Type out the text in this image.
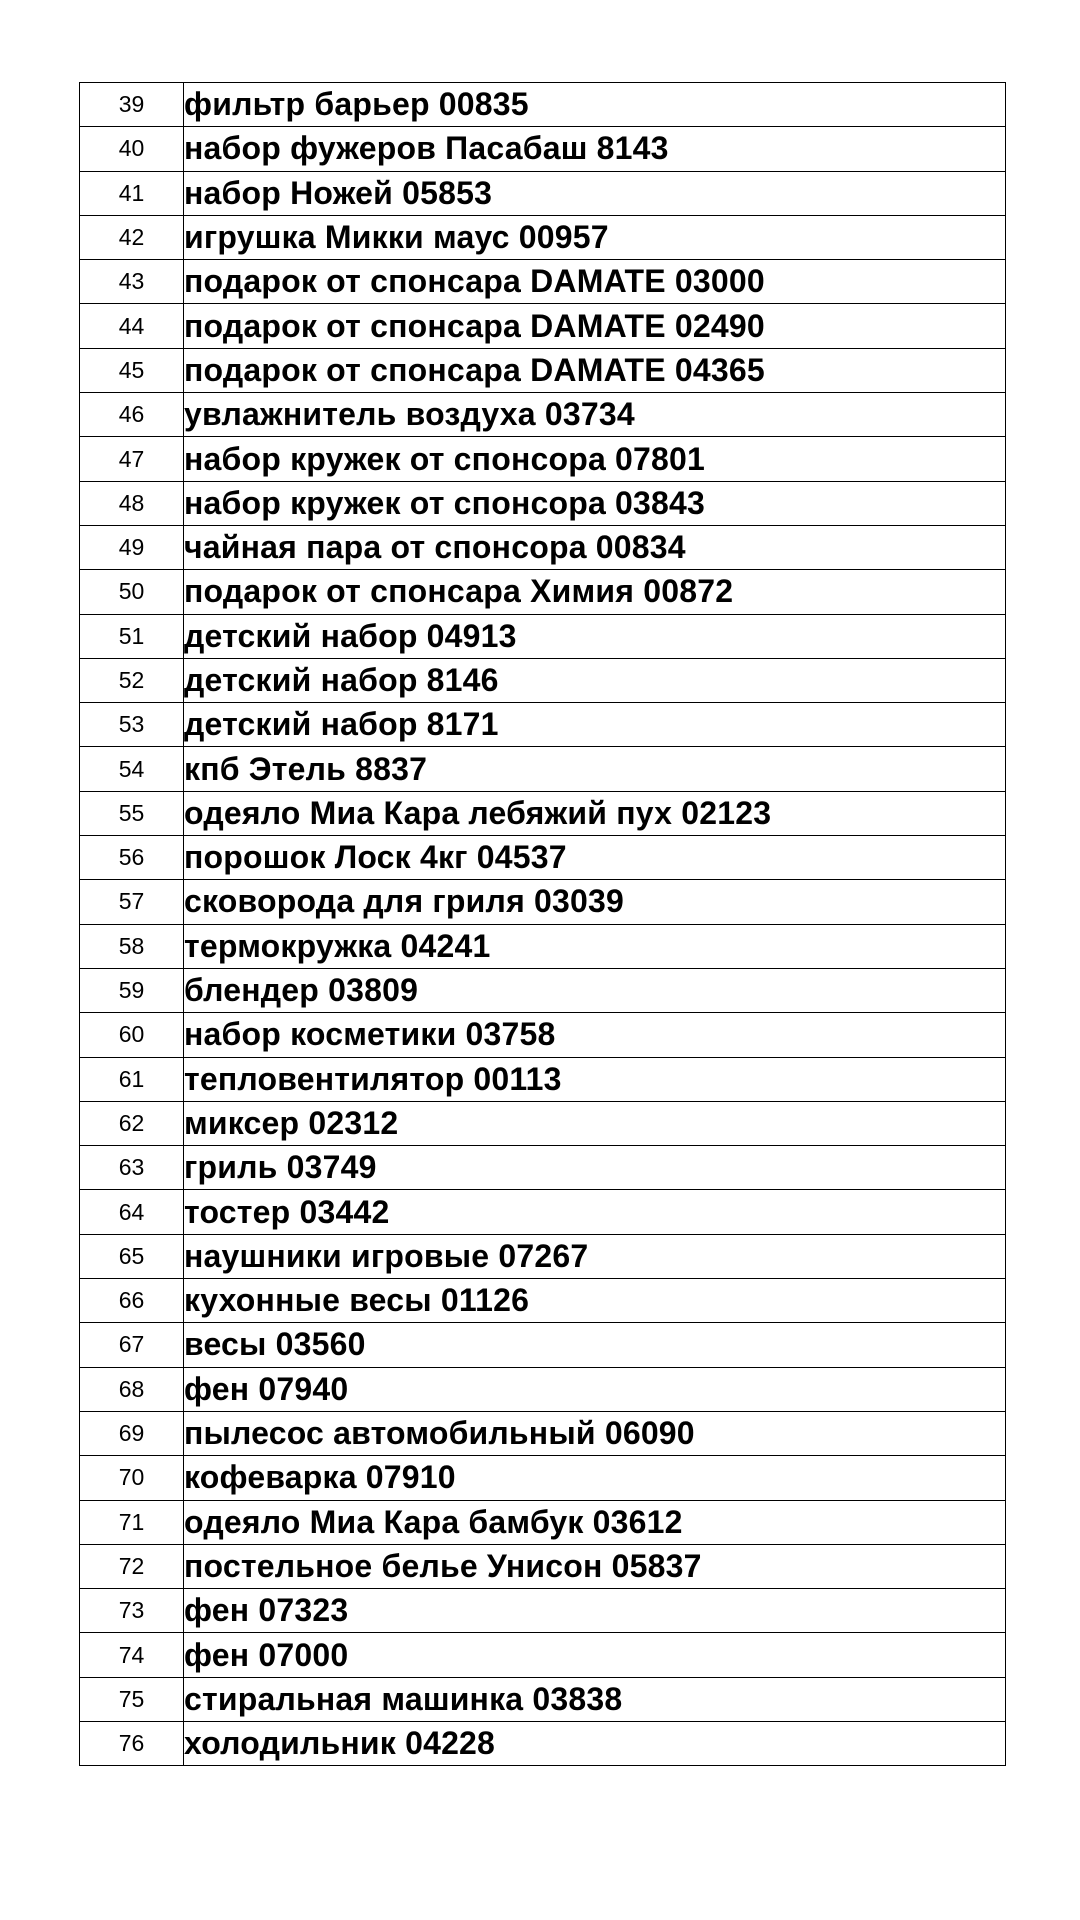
39	фильтр барьер 00835
40	набор фужеров Пасабаш 8143
41	набор Ножей 05853
42	игрушка Микки маус 00957
43	подарок от спонсара DAMATE 03000
44	подарок от спонсара DAMATE 02490
45	подарок от спонсара DAMATE 04365
46	увлажнитель воздуха 03734
47	набор кружек от спонсора 07801
48	набор кружек от спонсора 03843
49	чайная пара от спонсора 00834
50	подарок от спонсара Химия 00872
51	детский набор 04913
52	детский набор 8146
53	детский набор 8171
54	кпб Этель 8837
55	одеяло Миа Кара лебяжий пух 02123
56	порошок Лоск 4кг 04537
57	сковорода для гриля 03039
58	термокружка 04241
59	блендер 03809
60	набор косметики 03758
61	тепловентилятор 00113
62	миксер 02312
63	гриль 03749
64	тостер 03442
65	наушники игровые 07267
66	кухонные весы 01126
67	весы 03560
68	фен 07940
69	пылесос автомобильный 06090
70	кофеварка 07910
71	одеяло Миа Кара бамбук 03612
72	постельное белье Унисон 05837
73	фен 07323
74	фен 07000
75	стиральная машинка 03838
76	холодильник 04228
